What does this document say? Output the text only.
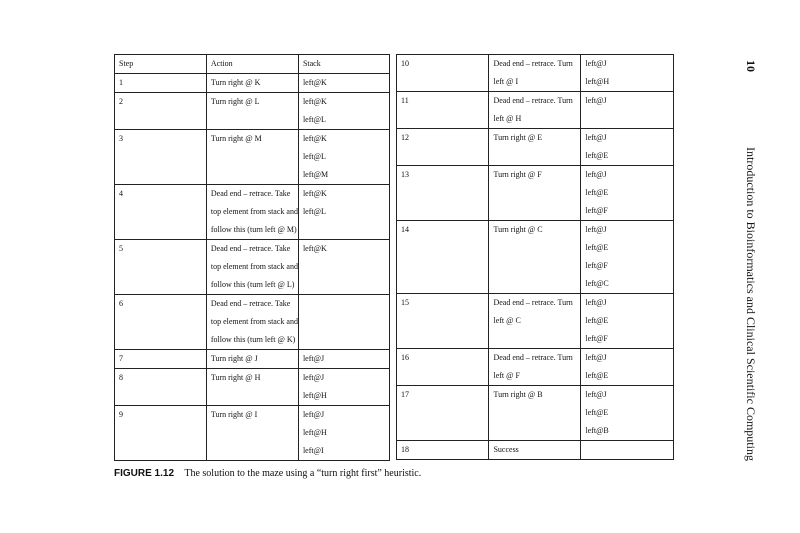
Step	Action	Stack

1	Turn right @ K	left@K

2	Turn right @ L	left@K
left@L

3	Turn right @ M	left@K
left@L
left@M

4	Dead end – retrace. Take
top element from stack and
follow this (turn left @ M)	left@K
left@L

5	Dead end – retrace. Take
top element from stack and
follow this (turn left @ L)	left@K

6	Dead end – retrace. Take
top element from stack and
follow this (turn left @ K)	

7	Turn right @ J	left@J

8	Turn right @ H	left@J
left@H

9	Turn right @ I	left@J
left@H
left@I
10	Dead end – retrace. Turn
left @ I	left@J
left@H

11	Dead end – retrace. Turn
left @ H	left@J

12	Turn right @ E	left@J
left@E

13	Turn right @ F	left@J
left@E
left@F

14	Turn right @ C	left@J
left@E
left@F
left@C

15	Dead end – retrace. Turn
left @ C	left@J
left@E
left@F

16	Dead end – retrace. Turn
left @ F	left@J
left@E

17	Turn right @ B	left@J
left@E
left@B

18	Success	

FIGURE 1.12 The solution to the maze using a “turn right first” heuristic.
10 Introduction to Bioinformatics and Clinical Scientific Computing
